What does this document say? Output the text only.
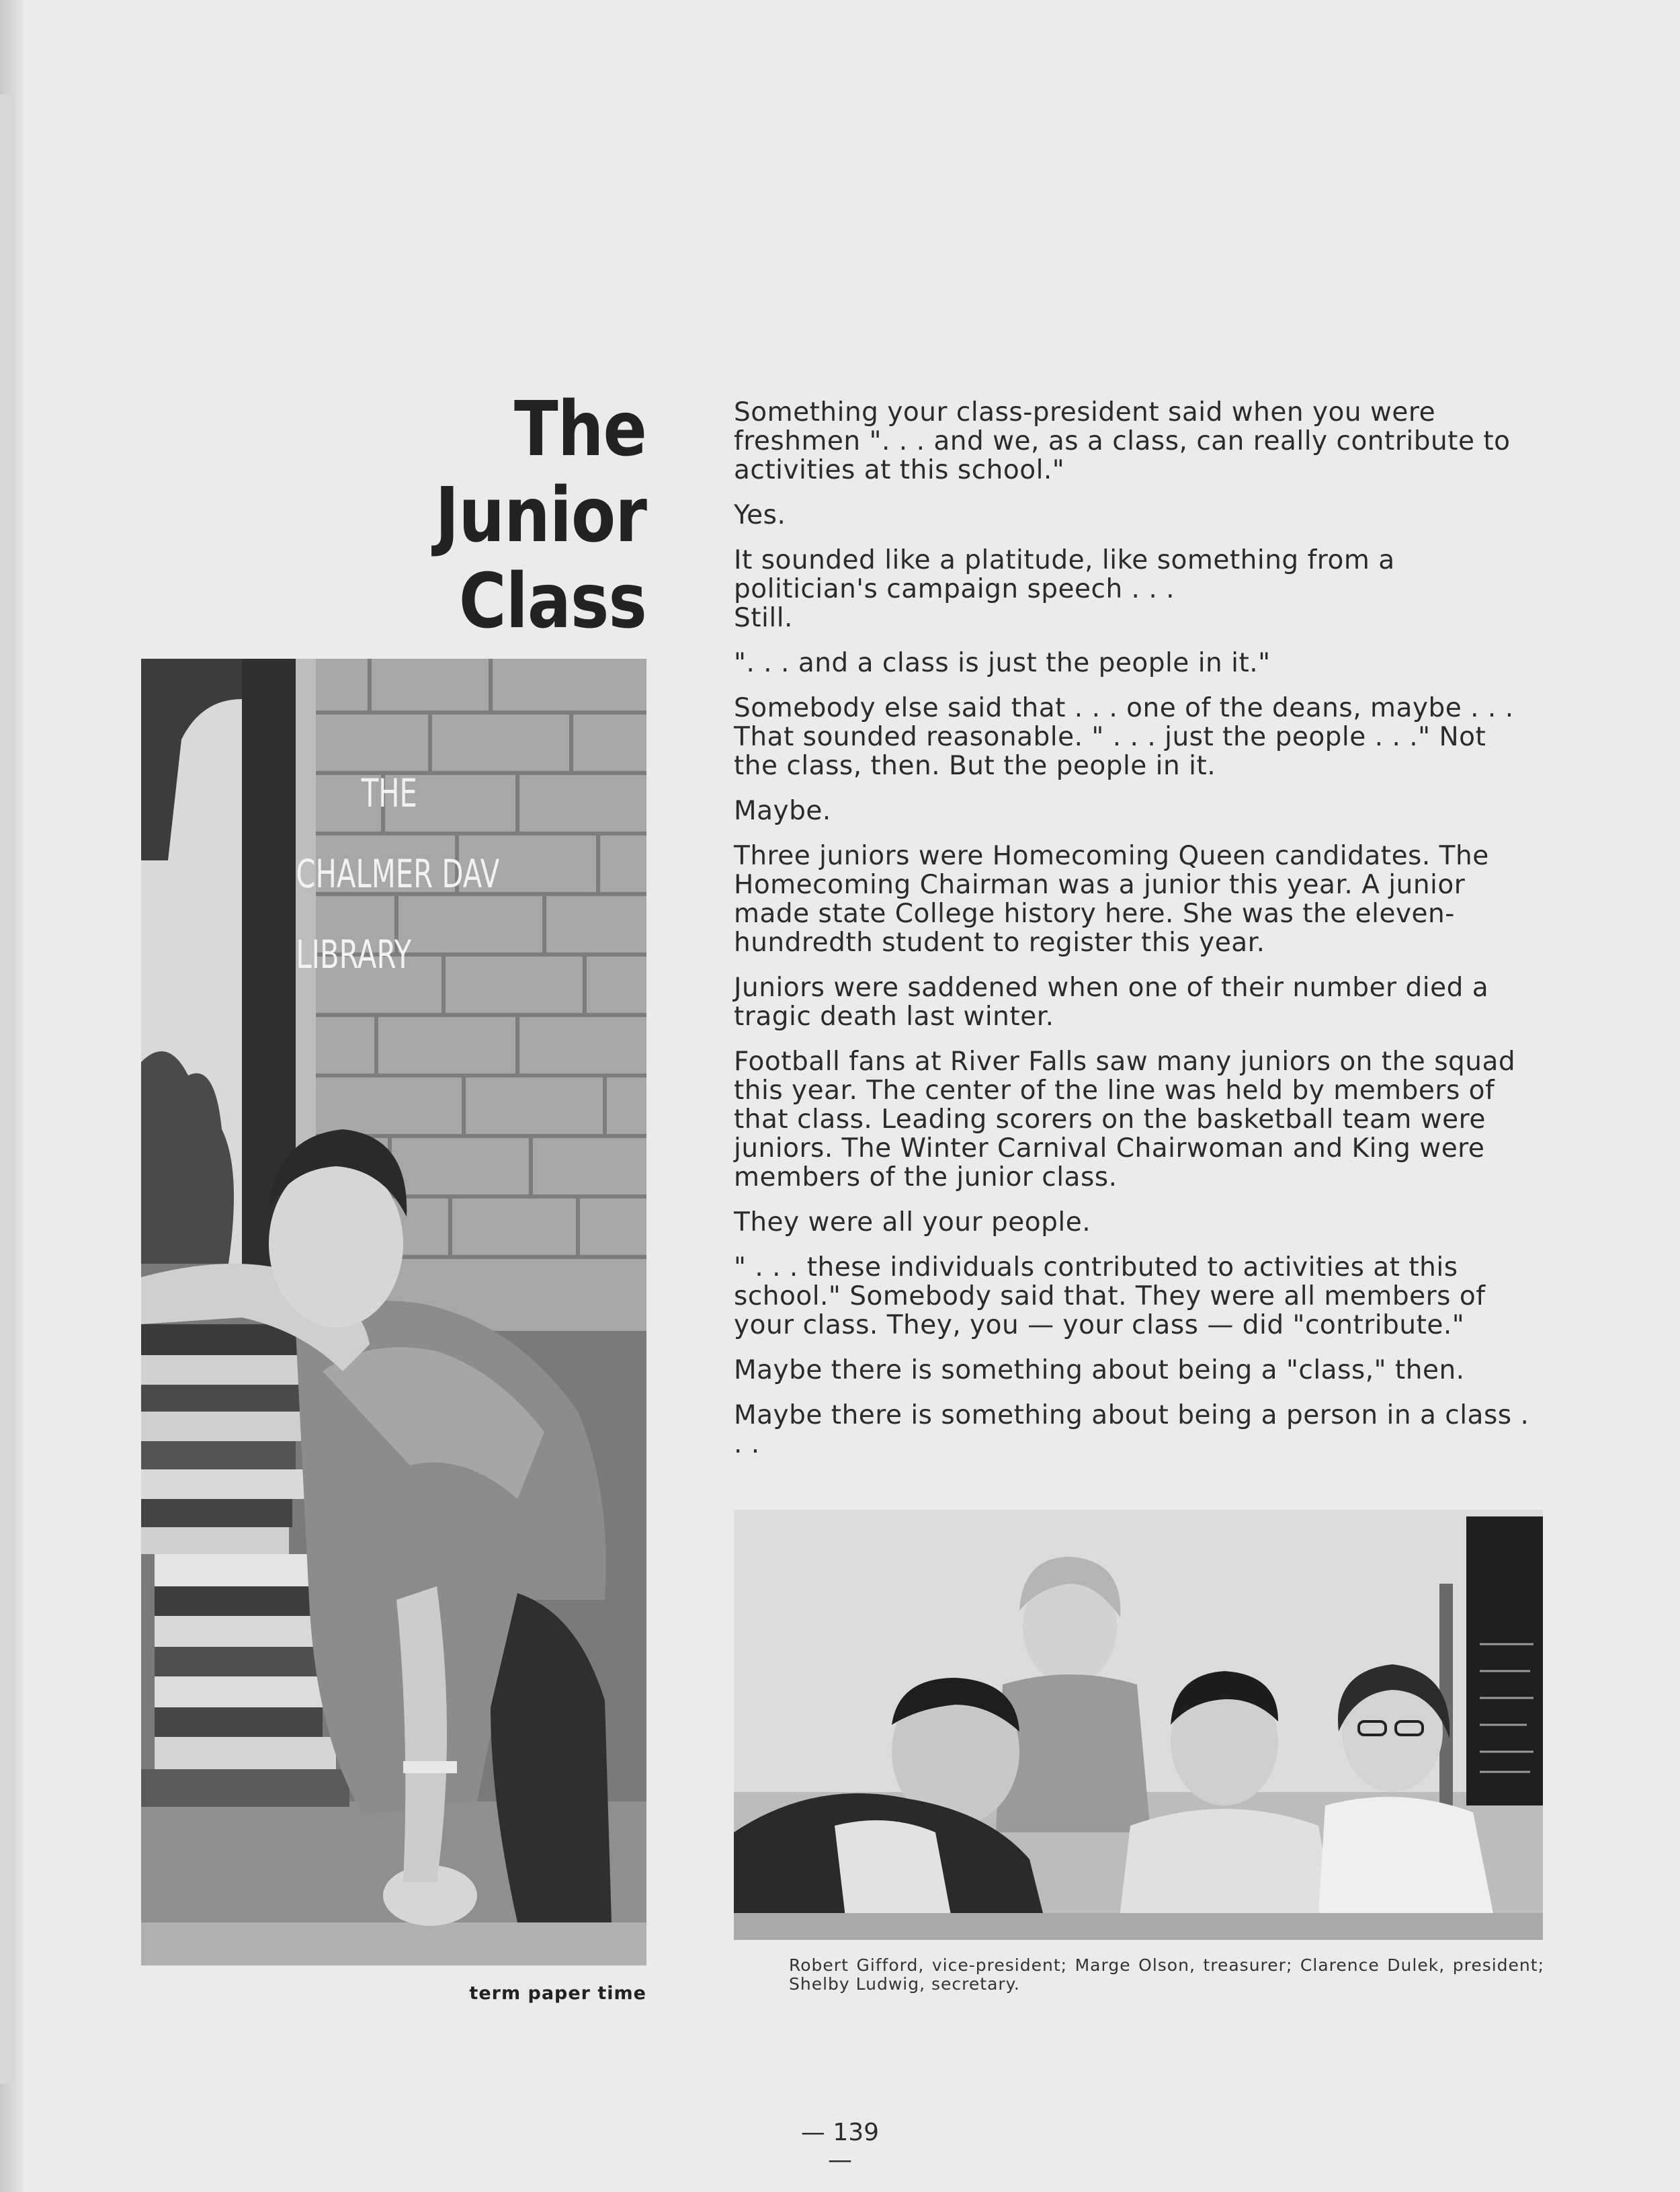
The
Junior
Class
THE
CHALMER DAV
LIBRARY
term paper time

Something your class-president said when you were freshmen ". . . and we, as a class, can really contribute to activities at this school."

Yes.

It sounded like a platitude, like something from a politician's campaign speech . . .
Still.

". . . and a class is just the people in it."

Somebody else said that . . . one of the deans, maybe . . . That sounded reasonable. " . . . just the people . . ." Not the class, then. But the people in it.

Maybe.

Three juniors were Homecoming Queen candidates. The Homecoming Chairman was a junior this year. A junior made state College history here. She was the eleven-hundredth student to register this year.

Juniors were saddened when one of their number died a tragic death last winter.

Football fans at River Falls saw many juniors on the squad this year. The center of the line was held by members of that class. Leading scorers on the basketball team were juniors. The Winter Carnival Chairwoman and King were members of the junior class.

They were all your people.

" . . . these individuals contributed to activities at this school." Somebody said that. They were all members of your class. They, you — your class — did "contribute."

Maybe there is something about being a "class," then.

Maybe there is something about being a person in a class . . .

Robert Gifford, vice-president; Marge Olson, treasurer; Clarence Dulek, president; Shelby Ludwig, secretary.
— 139 —
